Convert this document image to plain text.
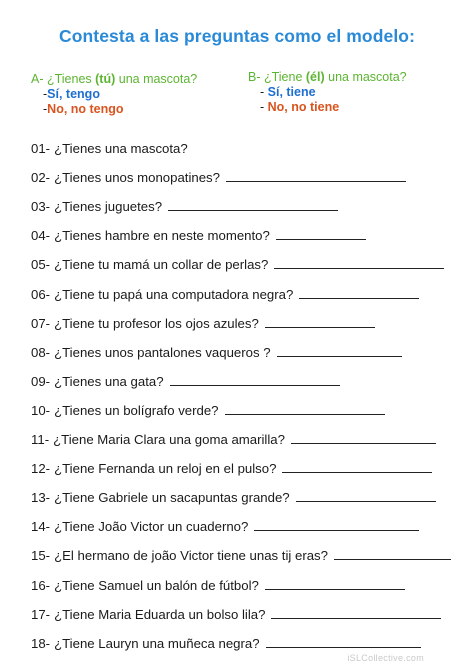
Contesta a las preguntas como el modelo:
A- ¿Tienes (tú) una mascota?
-Sí, tengo
-No, no tengo
B- ¿Tiene (él) una mascota?
- Sí, tiene
- No, no tiene
01- ¿Tienes una mascota?
02- ¿Tienes unos monopatines?
03- ¿Tienes juguetes?
04- ¿Tienes hambre en neste momento?
05- ¿Tiene tu mamá un collar de perlas?
06- ¿Tiene tu papá una computadora negra?
07- ¿Tiene tu profesor los ojos azules?
08- ¿Tienes unos pantalones vaqueros ?
09- ¿Tienes una gata?
10- ¿Tienes un bolígrafo verde?
11- ¿Tiene Maria Clara una goma amarilla?
12- ¿Tiene Fernanda un reloj en el pulso?
13- ¿Tiene Gabriele un sacapuntas grande?
14- ¿Tiene João Victor un cuaderno?
15- ¿El hermano de joão Victor tiene unas tij eras?
16- ¿Tiene Samuel un balón de fútbol?
17- ¿Tiene Maria Eduarda un bolso lila?
18- ¿Tiene Lauryn una muñeca negra?
iSLCollective.com
